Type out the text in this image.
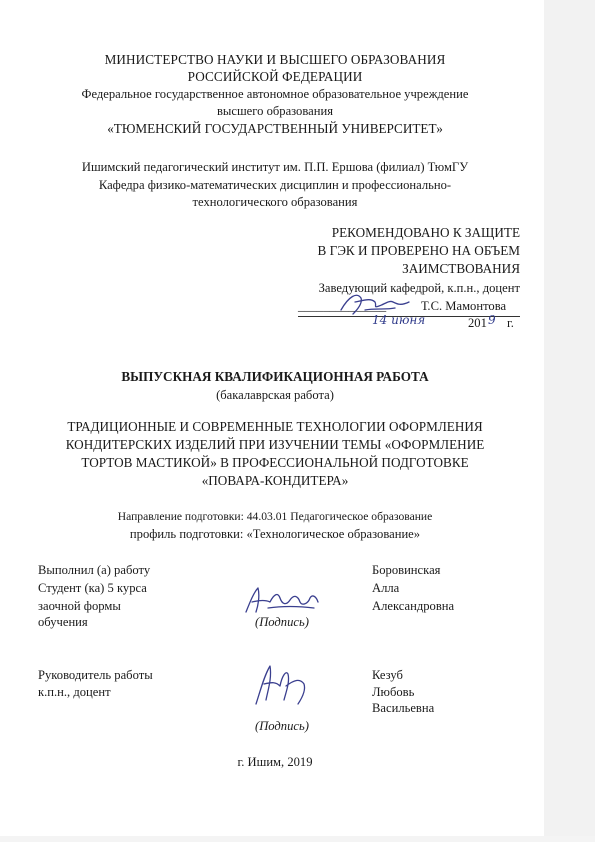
МИНИСТЕРСТВО НАУКИ И ВЫСШЕГО ОБРАЗОВАНИЯ
РОССИЙСКОЙ ФЕДЕРАЦИИ
Федеральное государственное автономное образовательное учреждение
высшего образования
«ТЮМЕНСКИЙ ГОСУДАРСТВЕННЫЙ УНИВЕРСИТЕТ»
Ишимский педагогический институт им. П.П. Ершова (филиал) ТюмГУ
Кафедра физико-математических дисциплин и профессионально-
технологического образования
РЕКОМЕНДОВАНО К ЗАЩИТЕ
В ГЭК И ПРОВЕРЕНО НА ОБЪЕМ
ЗАИМСТВОВАНИЯ
Заведующий кафедрой, к.п.н., доцент
______________	Т.С. Мамонтова
14 июня	201 9 г.
ВЫПУСКНАЯ КВАЛИФИКАЦИОННАЯ РАБОТА
(бакалаврская работа)
ТРАДИЦИОННЫЕ И СОВРЕМЕННЫЕ ТЕХНОЛОГИИ ОФОРМЛЕНИЯ
КОНДИТЕРСКИХ ИЗДЕЛИЙ ПРИ ИЗУЧЕНИИ ТЕМЫ «ОФОРМЛЕНИЕ
ТОРТОВ МАСТИКОЙ» В ПРОФЕССИОНАЛЬНОЙ ПОДГОТОВКЕ
«ПОВАРА-КОНДИТЕРА»
Направление подготовки: 44.03.01 Педагогическое образование
профиль подготовки: «Технологическое образование»
Выполнил (а) работу
Студент (ка) 5 курса
заочной формы
обучения	(Подпись)
Боровинская
Алла
Александровна
Руководитель работы
к.п.н., доцент
(Подпись)
Кезуб
Любовь
Васильевна
г. Ишим, 2019
